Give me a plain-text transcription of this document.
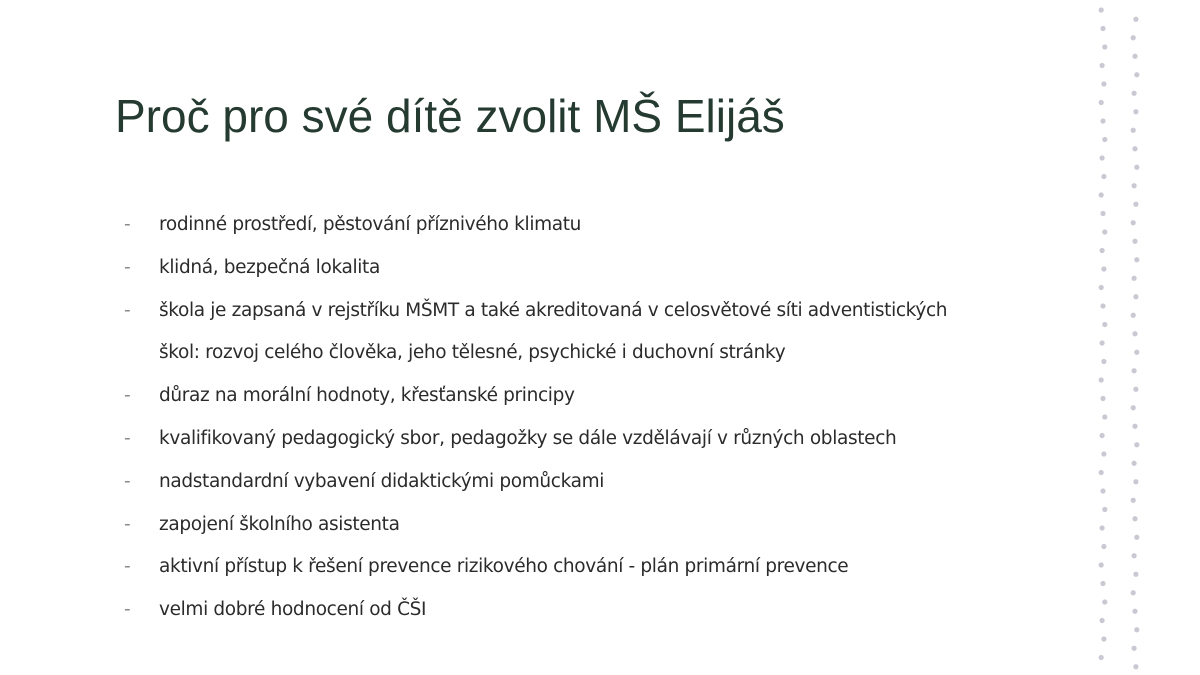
Proč pro své dítě zvolit MŠ Elijáš
- rodinné prostředí, pěstování příznivého klimatu
- klidná, bezpečná lokalita
- škola je zapsaná v rejstříku MŠMT a také akreditovaná v celosvětové síti adventistických
škol: rozvoj celého člověka, jeho tělesné, psychické i duchovní stránky
- důraz na morální hodnoty, křesťanské principy
- kvalifikovaný pedagogický sbor, pedagožky se dále vzdělávají v různých oblastech
- nadstandardní vybavení didaktickými pomůckami
- zapojení školního asistenta
- aktivní přístup k řešení prevence rizikového chování - plán primární prevence
- velmi dobré hodnocení od ČŠI
